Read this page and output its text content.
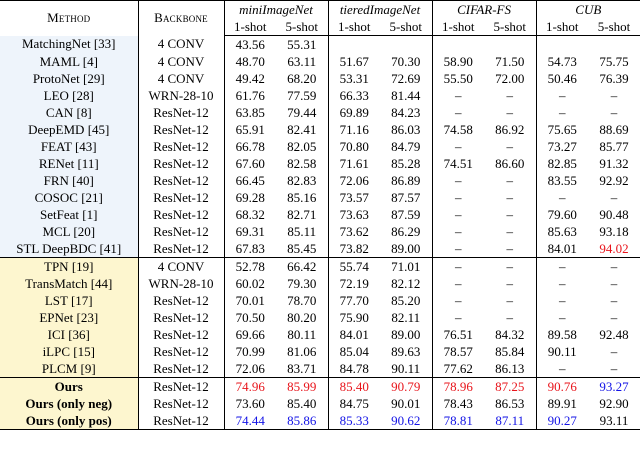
Method	Backbone	miniImageNet		tieredImageNet		CIFAR-FS		CUB	
		1-shot	5-shot	1-shot	5-shot	1-shot	5-shot	1-shot	5-shot
MatchingNet [33]	4 CONV	43.56	55.31						
MAML [4]	4 CONV	48.70	63.11	51.67	70.30	58.90	71.50	54.73	75.75
ProtoNet [29]	4 CONV	49.42	68.20	53.31	72.69	55.50	72.00	50.46	76.39
LEO [28]	WRN-28-10	61.76	77.59	66.33	81.44	–	–	–	–
CAN [8]	ResNet-12	63.85	79.44	69.89	84.23	–	–	–	–
DeepEMD [45]	ResNet-12	65.91	82.41	71.16	86.03	74.58	86.92	75.65	88.69
FEAT [43]	ResNet-12	66.78	82.05	70.80	84.79	–	–	73.27	85.77
RENet [11]	ResNet-12	67.60	82.58	71.61	85.28	74.51	86.60	82.85	91.32
FRN [40]	ResNet-12	66.45	82.83	72.06	86.89	–	–	83.55	92.92
COSOC [21]	ResNet-12	69.28	85.16	73.57	87.57	–	–	–	–
SetFeat [1]	ResNet-12	68.32	82.71	73.63	87.59	–	–	79.60	90.48
MCL [20]	ResNet-12	69.31	85.11	73.62	86.29	–	–	85.63	93.18
STL DeepBDC [41]	ResNet-12	67.83	85.45	73.82	89.00	–	–	84.01	94.02
TPN [19]	4 CONV	52.78	66.42	55.74	71.01	–	–	–	–
TransMatch [44]	WRN-28-10	60.02	79.30	72.19	82.12	–	–	–	–
LST [17]	ResNet-12	70.01	78.70	77.70	85.20	–	–	–	–
EPNet [23]	ResNet-12	70.50	80.20	75.90	82.11	–	–	–	–
ICI [36]	ResNet-12	69.66	80.11	84.01	89.00	76.51	84.32	89.58	92.48
iLPC [15]	ResNet-12	70.99	81.06	85.04	89.63	78.57	85.84	90.11	–
PLCM [9]	ResNet-12	72.06	83.71	84.78	90.11	77.62	86.13	–	–
Ours	ResNet-12	74.96	85.99	85.40	90.79	78.96	87.25	90.76	93.27
Ours (only neg)	ResNet-12	73.60	85.40	84.75	90.01	78.43	86.53	89.91	92.90
Ours (only pos)	ResNet-12	74.44	85.86	85.33	90.62	78.81	87.11	90.27	93.11
